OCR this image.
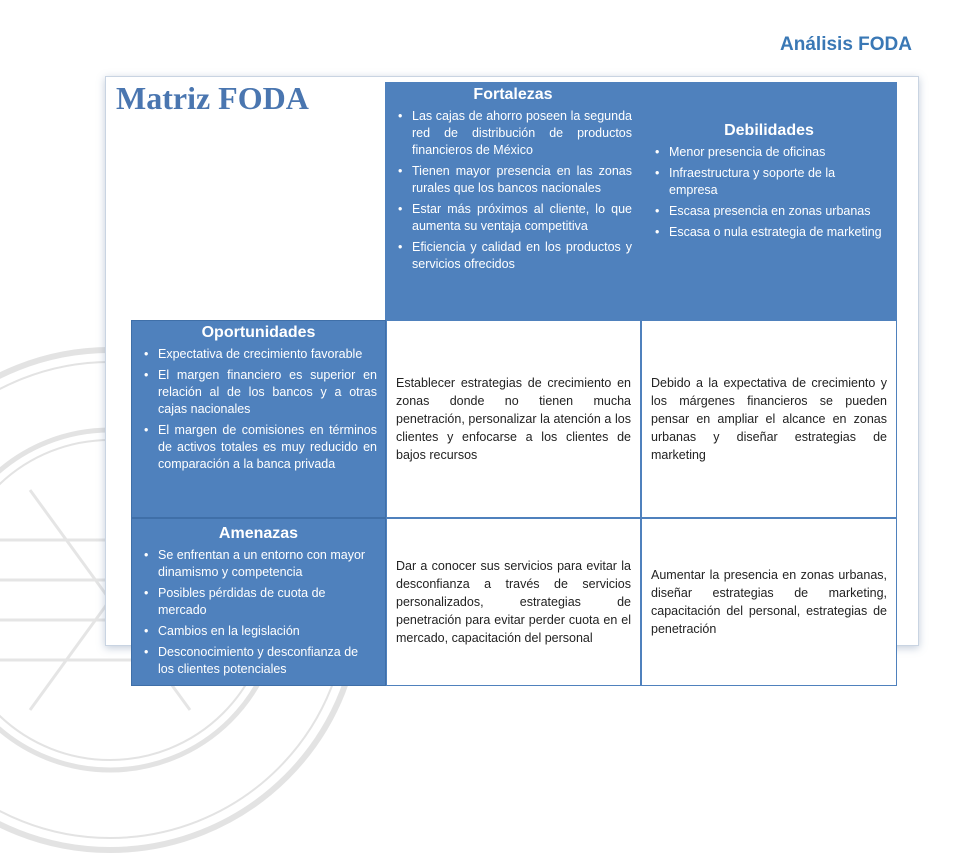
Análisis FODA
Matriz FODA	Fortalezas
• Las cajas de ahorro poseen la segunda red de distribución de productos financieros de México
• Tienen mayor presencia en las zonas rurales que los bancos nacionales
• Estar más próximos al cliente, lo que aumenta su ventaja competitiva
• Eficiencia y calidad en los productos y servicios ofrecidos
Debilidades
• Menor presencia de oficinas
• Infraestructura y soporte de la empresa
• Escasa presencia en zonas urbanas
• Escasa o nula estrategia de marketing
Oportunidades
• Expectativa de crecimiento favorable
• El margen financiero es superior en relación al de los bancos y a otras cajas nacionales
• El margen de comisiones en términos de activos totales es muy reducido en comparación a la banca privada

Establecer estrategias de crecimiento en zonas donde no tienen mucha penetración, personalizar la atención a los clientes y enfocarse a los clientes de bajos recursos

Debido a la expectativa de crecimiento y los márgenes financieros se pueden pensar en ampliar el alcance en zonas urbanas y diseñar estrategias de marketing

Amenazas
• Se enfrentan a un entorno con mayor dinamismo y competencia
• Posibles pérdidas de cuota de mercado
• Cambios en la legislación
• Desconocimiento y desconfianza de los clientes potenciales

Dar a conocer sus servicios para evitar la desconfianza a través de servicios personalizados, estrategias de penetración para evitar perder cuota en el mercado, capacitación del personal

Aumentar la presencia en zonas urbanas, diseñar estrategias de marketing, capacitación del personal, estrategias de penetración
